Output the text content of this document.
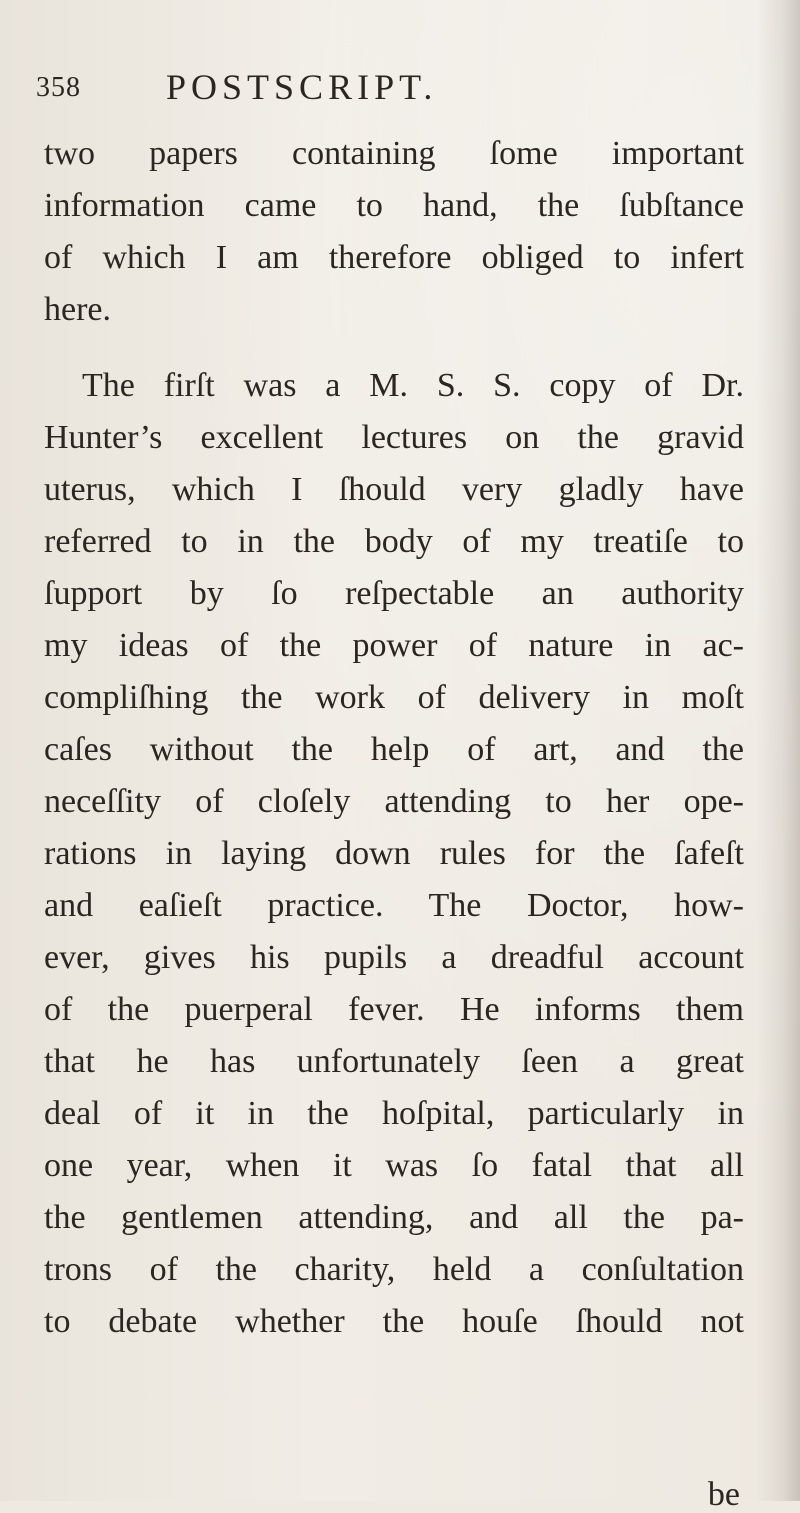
358 POSTSCRIPT.
two papers containing ſome important
information came to hand, the ſubſtance
of which I am therefore obliged to infert
here.
The firſt was a M. S. S. copy of Dr.
Hunter’s excellent lectures on the gravid
uterus, which I ſhould very gladly have
referred to in the body of my treatiſe to
ſupport by ſo reſpectable an authority
my ideas of the power of nature in ac-
compliſhing the work of delivery in moſt
caſes without the help of art, and the
neceſſity of cloſely attending to her ope-
rations in laying down rules for the ſafeſt
and eaſieſt practice. The Doctor, how-
ever, gives his pupils a dreadful account
of the puerperal fever. He informs them
that he has unfortunately ſeen a great
deal of it in the hoſpital, particularly in
one year, when it was ſo fatal that all
the gentlemen attending, and all the pa-
trons of the charity, held a conſultation
to debate whether the houſe ſhould not
be
